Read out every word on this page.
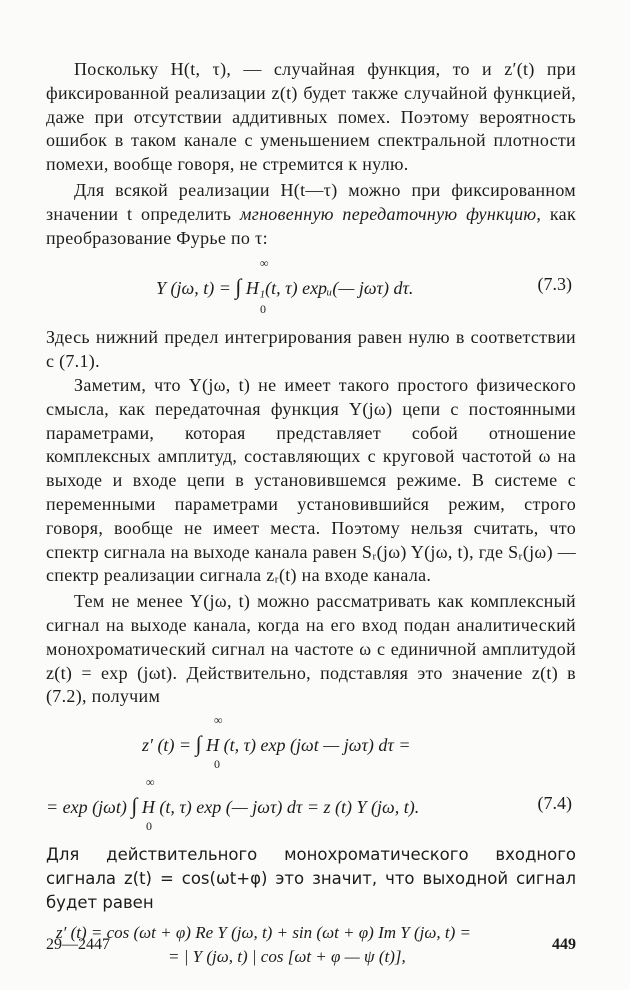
Поскольку H(t, τ), — случайная функция, то и z′(t) при фиксированной реализации z(t) будет также случайной функцией, даже при отсутствии аддитивных помех. Поэтому вероятность ошибок в таком канале с уменьшением спектральной плотности помехи, вообще говоря, не стремится к нулю.

Для всякой реализации H(t—τ) можно при фиксированном значении t определить мгновенную передаточную функцию, как преобразование Фурье по τ:

Y (jω, t) = ∫ H₁(t, τ) expᵤ(— jωτ) dτ.
∞
0
(7.3)

Здесь нижний предел интегрирования равен нулю в соответствии с (7.1).

Заметим, что Y(jω, t) не имеет такого простого физического смысла, как передаточная функция Y(jω) цепи с постоянными параметрами, которая представляет собой отношение комплексных амплитуд, составляющих с круговой частотой ω на выходе и входе цепи в установившемся режиме. В системе с переменными параметрами установившийся режим, строго говоря, вообще не имеет места. Поэтому нельзя считать, что спектр сигнала на выходе канала равен Sᵣ(jω) Y(jω, t), где Sᵣ(jω) — спектр реализации сигнала zᵣ(t) на входе канала.

Тем не менее Y(jω, t) можно рассматривать как комплексный сигнал на выходе канала, когда на его вход подан аналитический монохроматический сигнал на частоте ω с единичной амплитудой z(t) = exp (jωt). Действительно, подставляя это значение z(t) в (7.2), получим

z′ (t) = ∫ H (t, τ) exp (jωt — jωτ) dτ =
∞
0
= exp (jωt) ∫ H (t, τ) exp (— jωτ) dτ = z (t) Y (jω, t).
∞
0
(7.4)

Для действительного монохроматического входного сигнала z(t) = cos(ωt+φ) это значит, что выходной сигнал будет равен

z′ (t) = cos (ωt + φ) Re Y (jω, t) + sin (ωt + φ) Im Y (jω, t) =
= | Y (jω, t) | cos [ωt + φ — ψ (t)],
29—2447	449
